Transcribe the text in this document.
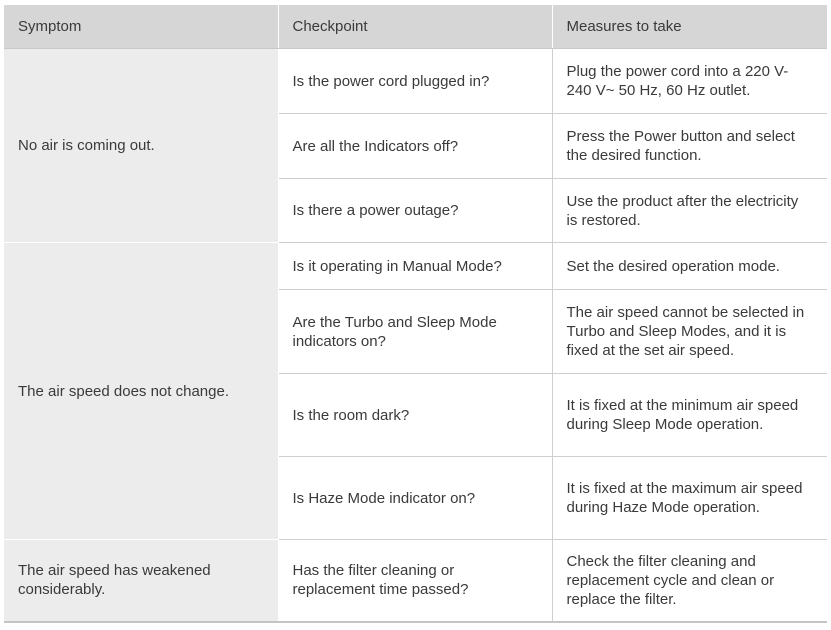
Symptom	Checkpoint	Measures to take
No air is coming out.	Is the power cord plugged in?	Plug the power cord into a 220 V-240 V~ 50 Hz, 60 Hz outlet.
	Are all the Indicators off?	Press the Power button and select the desired function.
	Is there a power outage?	Use the product after the electricity is restored.
The air speed does not change.	Is it operating in Manual Mode?	Set the desired operation mode.
	Are the Turbo and Sleep Mode indicators on?	The air speed cannot be selected in Turbo and Sleep Modes, and it is fixed at the set air speed.
	Is the room dark?	It is fixed at the minimum air speed during Sleep Mode operation.
	Is Haze Mode indicator on?	It is fixed at the maximum air speed during Haze Mode operation.
The air speed has weakened considerably.	Has the filter cleaning or replacement time passed?	Check the filter cleaning and replacement cycle and clean or replace the filter.
